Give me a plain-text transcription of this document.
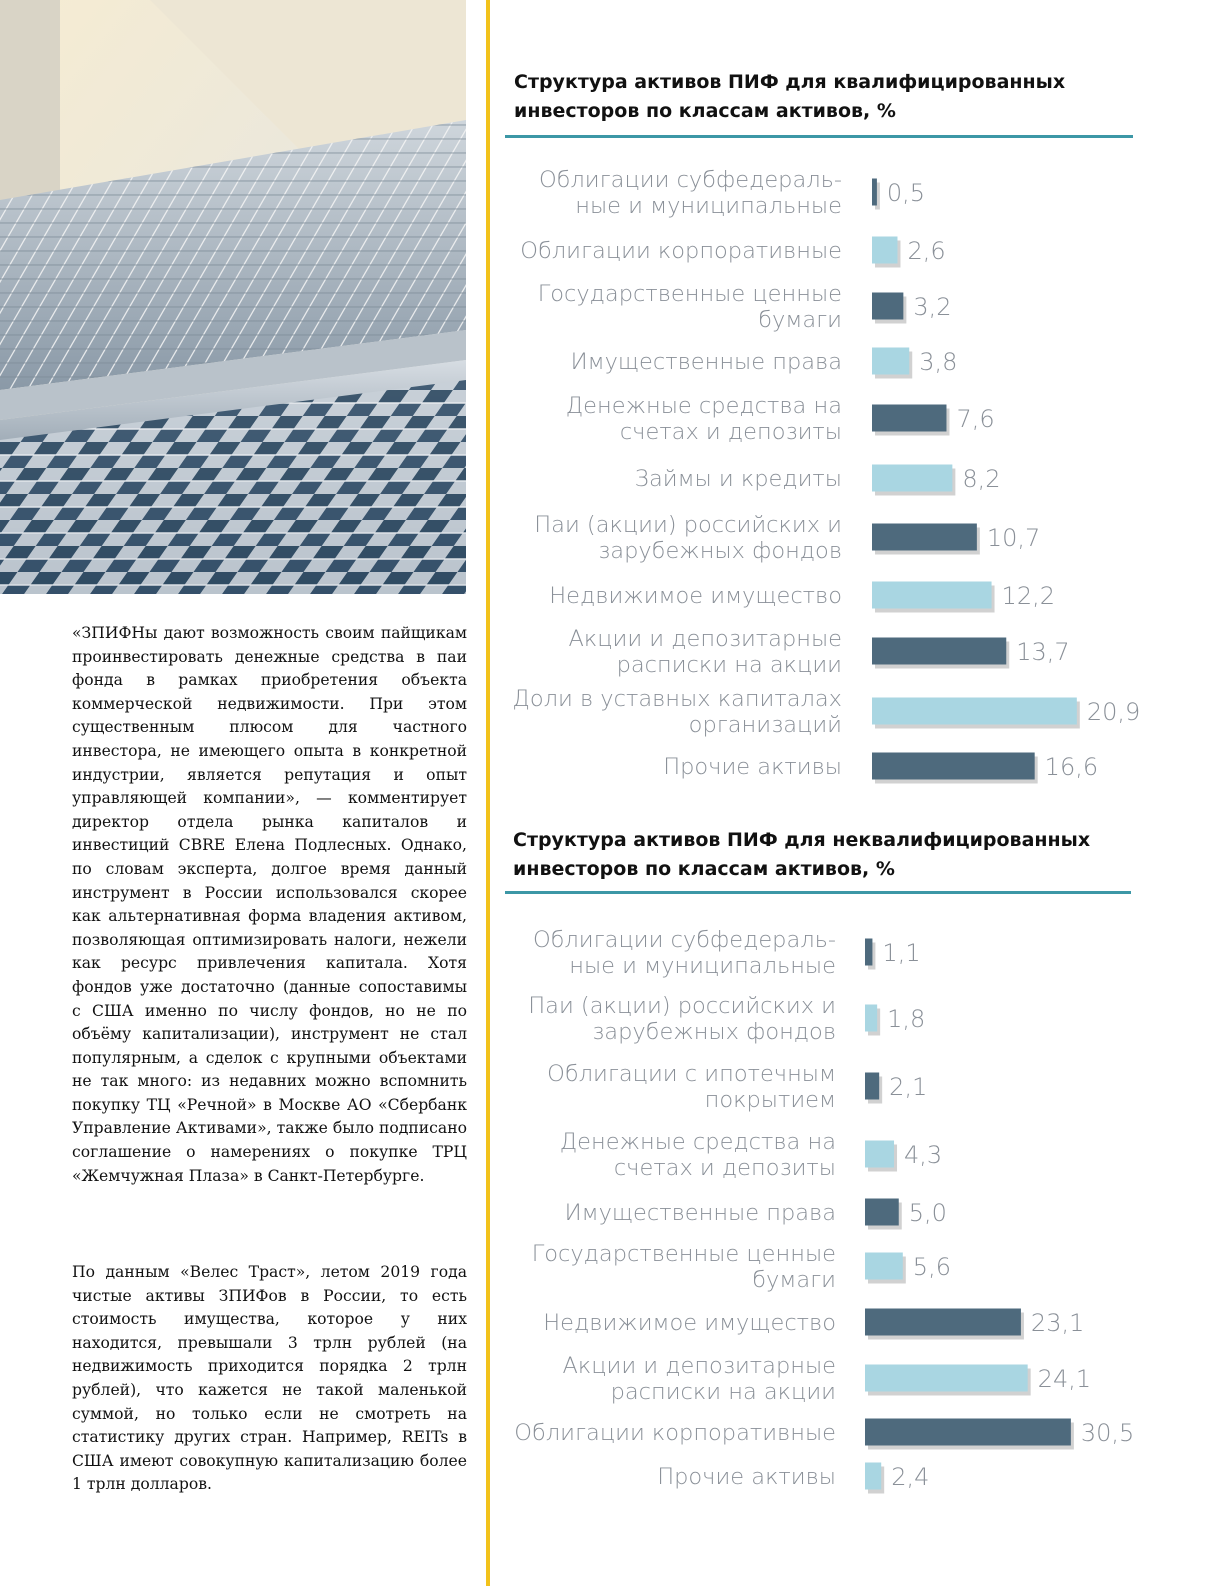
«ЗПИФНы дают возможность своим пайщикам проинвестировать денежные средства в паи фонда в рамках приобретения объекта коммерческой недвижимости. При этом существенным плюсом для частного инвестора, не имеющего опыта в конкретной индустрии, является репутация и опыт управляющей компании», — комментирует директор отдела рынка капиталов и инвестиций CBRE Елена Подлесных. Однако, по словам эксперта, долгое время данный инструмент в России использовался скорее как альтернативная форма владения активом, позволяющая оптимизировать налоги, нежели как ресурс привлечения капитала. Хотя фондов уже достаточно (данные сопоставимы с США именно по числу фондов, но не по объёму капитализации), инструмент не стал популярным, а сделок с крупными объектами не так много: из недавних можно вспомнить покупку ТЦ «Речной» в Москве АО «Сбербанк Управление Активами», также было подписано соглашение о намерениях о покупке ТРЦ «Жемчужная Плаза» в Санкт-Петербурге.

По данным «Велес Траст», летом 2019 года чистые активы ЗПИФов в России, то есть стоимость имущества, которое у них находится, превышали 3 трлн рублей (на недвижимость приходится порядка 2 трлн рублей), что кажется не такой маленькой суммой, но только если не смотреть на статистику других стран. Например, REITs в США имеют совокупную капитализацию более 1 трлн долларов.

Структура активов ПИФ для квалифицированных инвесторов по классам активов, %
Структура активов ПИФ для неквалифицированных инвесторов по классам активов, %
Облигации субфедераль-
ные и муниципальные 0,5
Облигации корпоративные	2,6
Государственные ценные
бумаги	3,2
Имущественные права	3,8
Денежные средства на
счетах и депозиты	7,6
Займы и кредиты	8,2
Паи (акции) российских и
зарубежных фондов	10,7
Недвижимое имущество	12,2
Акции и депозитарные
расписки на акции	13,7
Доли в уставных капиталах
организаций	20,9
Прочие активы	16,6
Облигации субфедераль-
ные и муниципальные 1,1
Паи (акции) российских и
зарубежных фондов 1,8
Облигации с ипотечным
покрытием 2,1
Денежные средства на
счетах и депозиты	4,3
Имущественные права	5,0
Государственные ценные
бумаги	5,6
Недвижимое имущество	23,1
Акции и депозитарные
расписки на акции	24,1
Облигации корпоративные	30,5
Прочие активы 2,4
